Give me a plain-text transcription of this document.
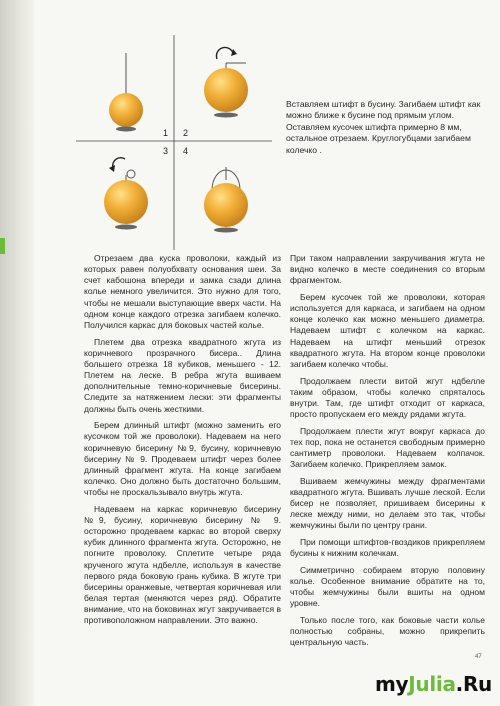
1 2
3 4

Вставляем штифт в бусину. Загибаем штифт как можно ближе к бусине под прямым углом. Оставляем кусочек штифта примерно 8 мм, остальное отрезаем. Круглогубцами загибаем колечко .

Отрезаем два куска проволоки, каждый из которых равен полуобхвату основания шеи. За счет кабошона впереди и замка сзади длина колье немного увеличится. Это нужно для того, чтобы не мешали выступающие вверх части. На одном конце каждого отрезка загибаем колечко. Получился каркас для боковых частей колье.

Плетем два отрезка квадратного жгута из коричневого прозрачного бисера.. Длина большего отрезка 18 кубиков, меньшего - 12. Плетем на леске. В ребра жгута вшиваем дополнительные темно-коричневые бисерины. Следите за натяжением лески: эти фрагменты должны быть очень жесткими.

Берем длинный штифт (можно заменить его кусочком той же проволоки). Надеваем на него коричневую бисерину №9, бусину, коричневую бисерину № 9. Продеваем штифт через более длинный фрагмент жгута. На конце загибаем колечко. Оно должно быть достаточно большим, чтобы не проскальзывало внутрь жгута.

Надеваем на каркас коричневую бисерину №9, бусину, коричневую бисерину № 9. осторожно продеваем каркас во второй сверху кубик длинного фрагмента жгута. Осторожно, не погните проволоку. Сплетите четыре ряда крученого жгута ндбелле, используя в качестве первого ряда боковую грань кубика. В жгуте три бисерины оранжевые, четвертая коричневая или белая тертая (меняются через ряд). Обратите внимание, что на боковинах жгут закручивается в противоположном направлении. Это важно.

При таком направлении закручивания жгута не видно колечко в месте соединения со вторым фрагментом.

Берем кусочек той же проволоки, которая используется для каркаса, и загибаем на одном конце колечко как можно меньшего диаметра. Надеваем штифт с колечком на каркас. Надеваем на штифт меньший отрезок квадратного жгута. На втором конце проволоки загибаем колечко чтобы.

Продолжаем плести витой жгут ндбелле таким образом, чтобы колечко спряталось внутри. Там, где штифт отходит от каркаса, просто пропускаем его между рядами жгута.

Продолжаем плести жгут вокруг каркаса до тех пор, пока не останется свободным примерно сантиметр проволоки. Надеваем колпачок. Загибаем колечко. Прикрепляем замок.

Вшиваем жемчужины между фрагментами квадратного жгута. Вшивать лучше леской. Если бисер не позволяет, пришиваем бисерины к леске между ними, но делаем это так, чтобы жемчужины были по центру грани.

При помощи штифтов-гвоздиков прикрепляем бусины к нижним колечкам.

Симметрично собираем вторую половину колье. Особенное внимание обратите на то, чтобы жемчужины были вшиты на одном уровне.

Только после того, как боковые части колье полностью собраны, можно прикрепить центральную часть.

47
myJulia.Ru
